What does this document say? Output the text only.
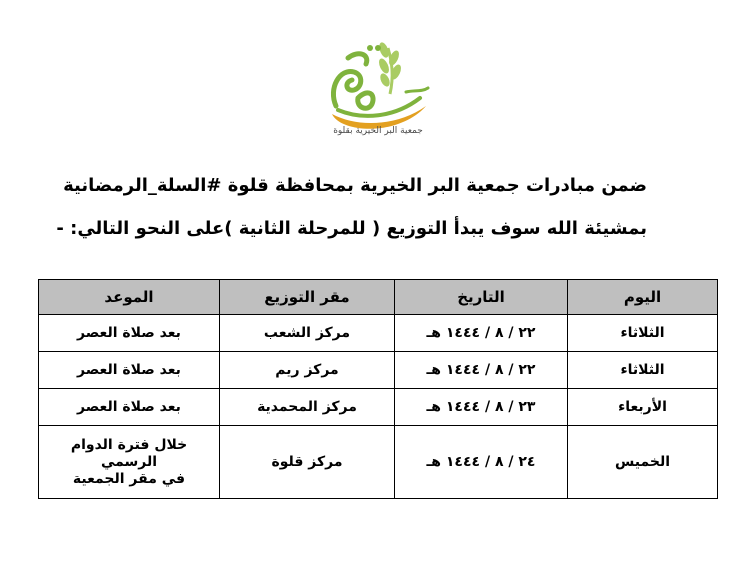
جمعية البر الخيرية بقلوة
ضمن مبادرات جمعية البر الخيرية بمحافظة قلوة #السلة_الرمضانية
بمشيئة الله سوف يبدأ التوزيع ( للمرحلة الثانية )على النحو التالي: -
اليوم	التاريخ	مقر التوزيع	الموعد
الثلاثاء	٢٢ / ٨ / ١٤٤٤ هـ	مركز الشعب	بعد صلاة العصر
الثلاثاء	٢٢ / ٨ / ١٤٤٤ هـ	مركز ريم	بعد صلاة العصر
الأربعاء	٢٣ / ٨ / ١٤٤٤ هـ	مركز المحمدية	بعد صلاة العصر
الخميس	٢٤ / ٨ / ١٤٤٤ هـ	مركز قلوة	خلال فترة الدوام الرسمي
في مقر الجمعية
